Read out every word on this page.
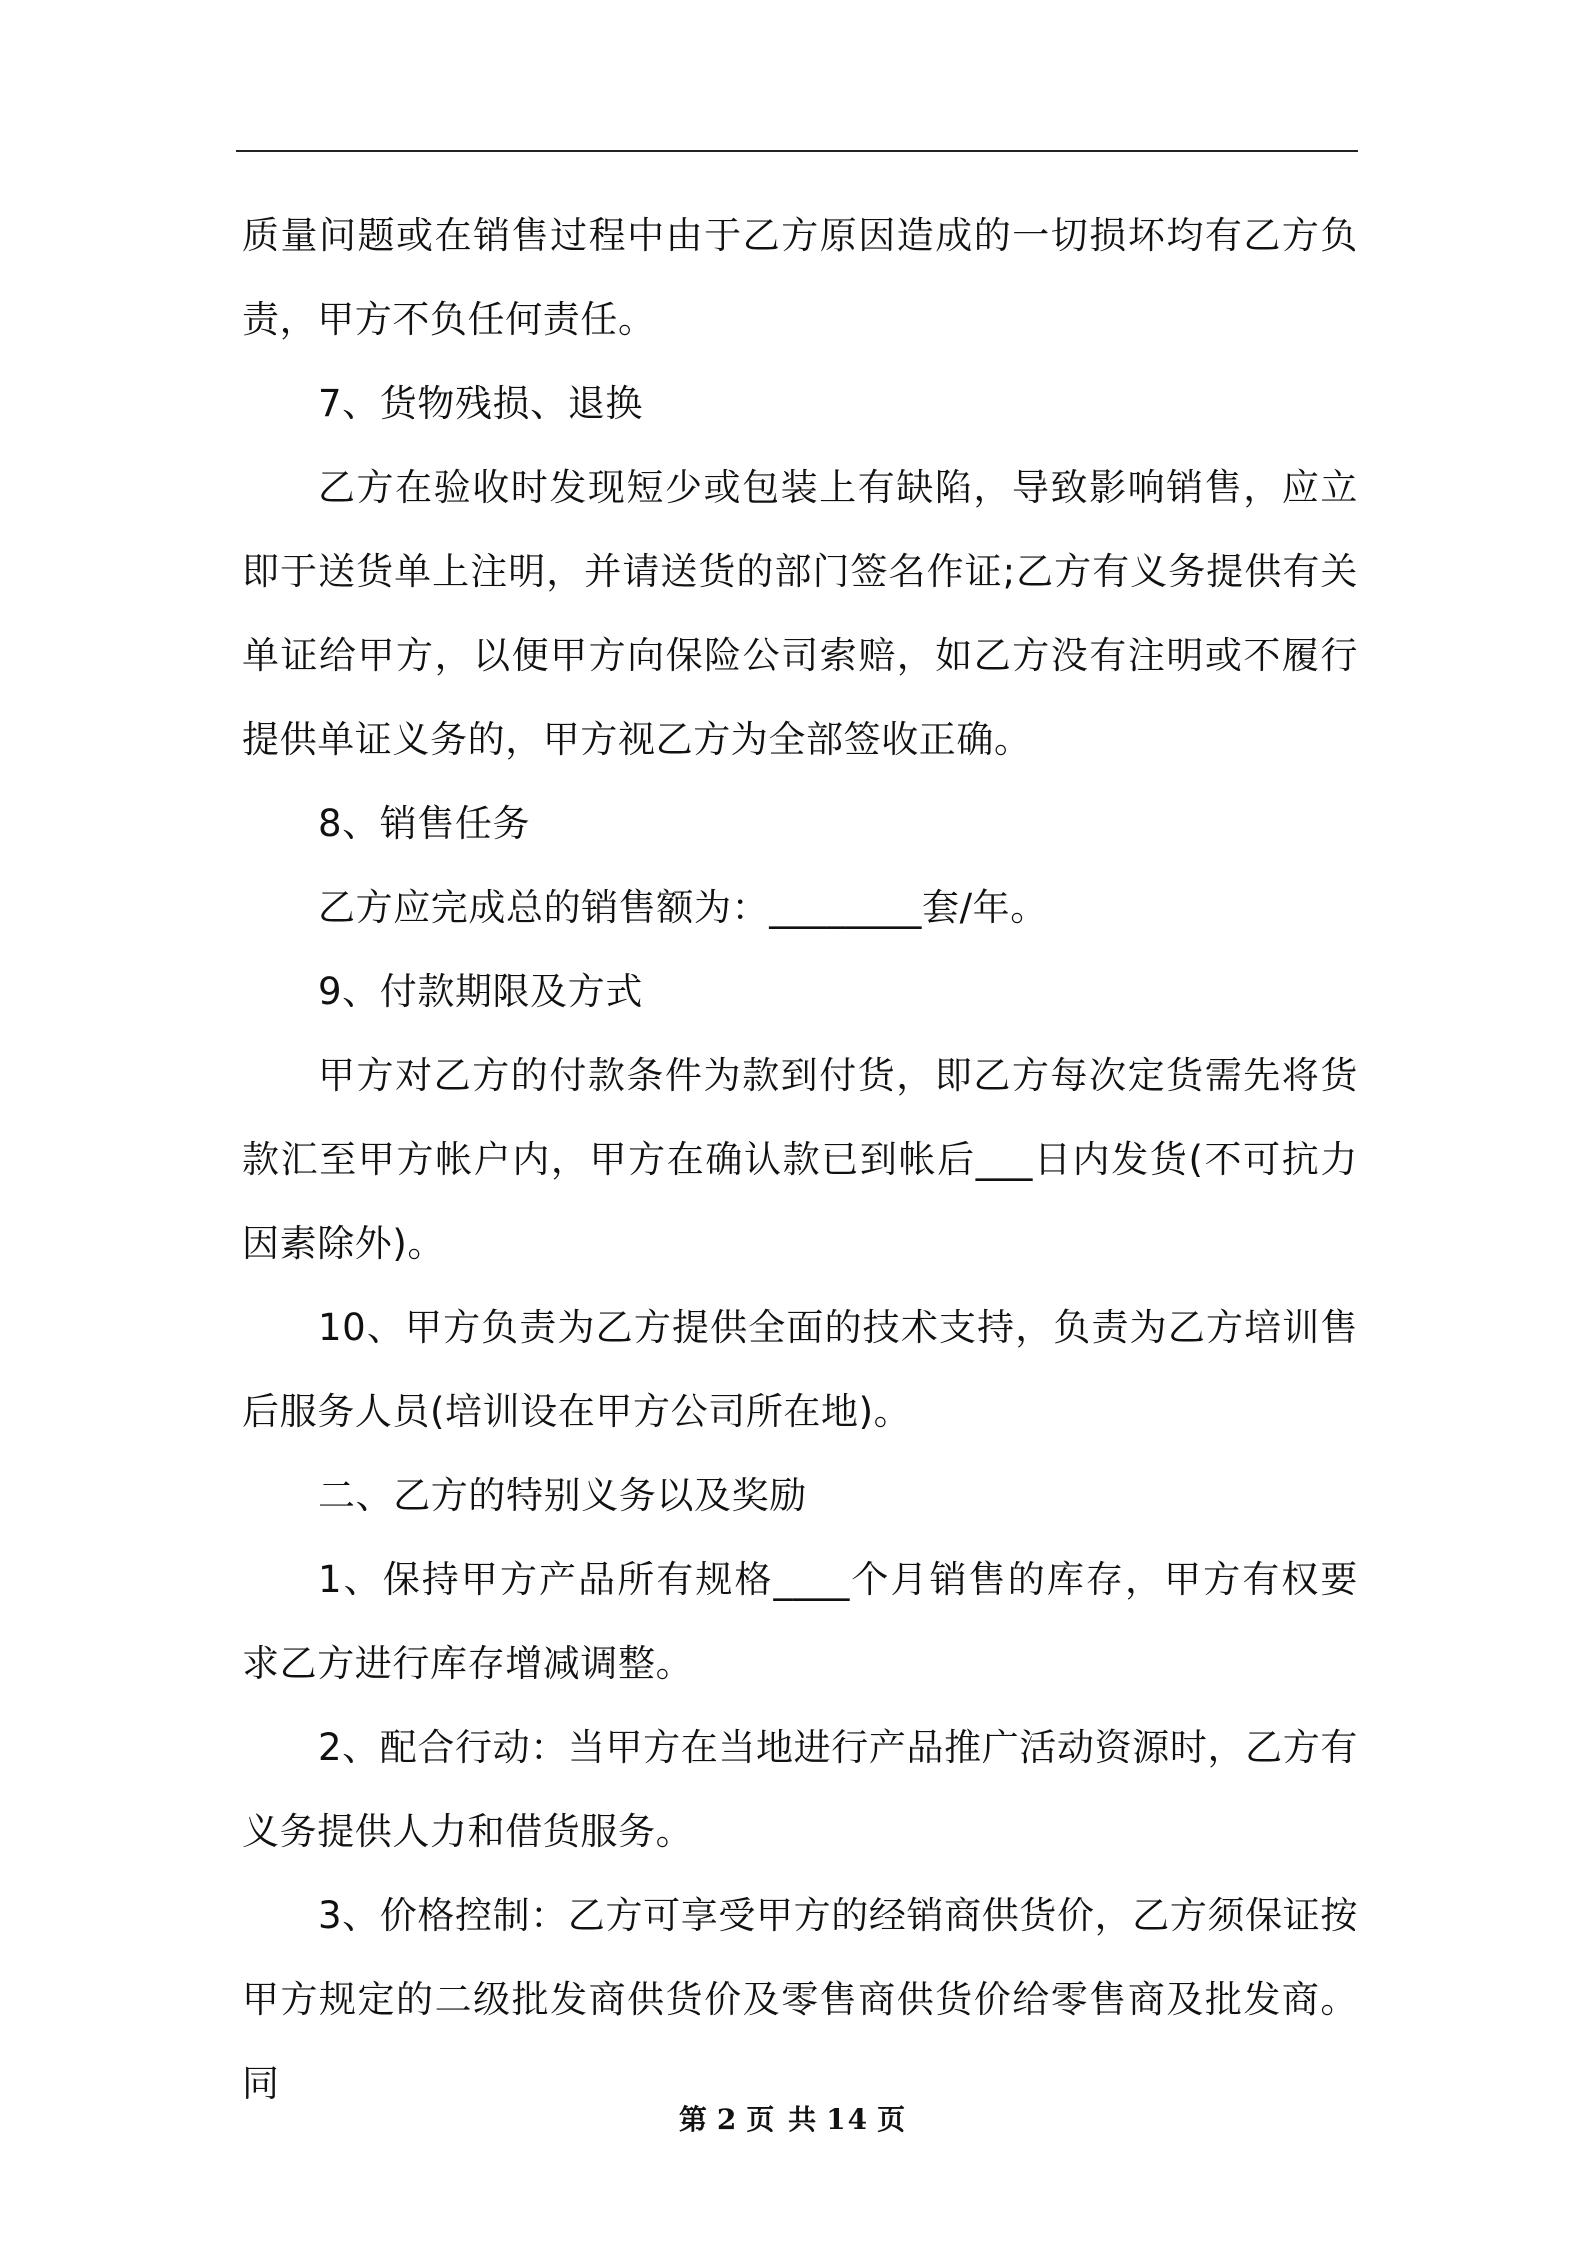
质量问题或在销售过程中由于乙方原因造成的一切损坏均有乙方负责，甲方不负任何责任。

7、货物残损、退换

乙方在验收时发现短少或包装上有缺陷，导致影响销售，应立即于送货单上注明，并请送货的部门签名作证;乙方有义务提供有关单证给甲方，以便甲方向保险公司索赔，如乙方没有注明或不履行提供单证义务的，甲方视乙方为全部签收正确。

8、销售任务

乙方应完成总的销售额为：________套/年。

9、付款期限及方式

甲方对乙方的付款条件为款到付货，即乙方每次定货需先将货款汇至甲方帐户内，甲方在确认款已到帐后___日内发货(不可抗力因素除外)。

10、甲方负责为乙方提供全面的技术支持，负责为乙方培训售后服务人员(培训设在甲方公司所在地)。

二、乙方的特别义务以及奖励

1、保持甲方产品所有规格____个月销售的库存，甲方有权要求乙方进行库存增减调整。

2、配合行动：当甲方在当地进行产品推广活动资源时，乙方有义务提供人力和借货服务。

3、价格控制：乙方可享受甲方的经销商供货价，乙方须保证按甲方规定的二级批发商供货价及零售商供货价给零售商及批发商。同

第 2 页 共 14 页
